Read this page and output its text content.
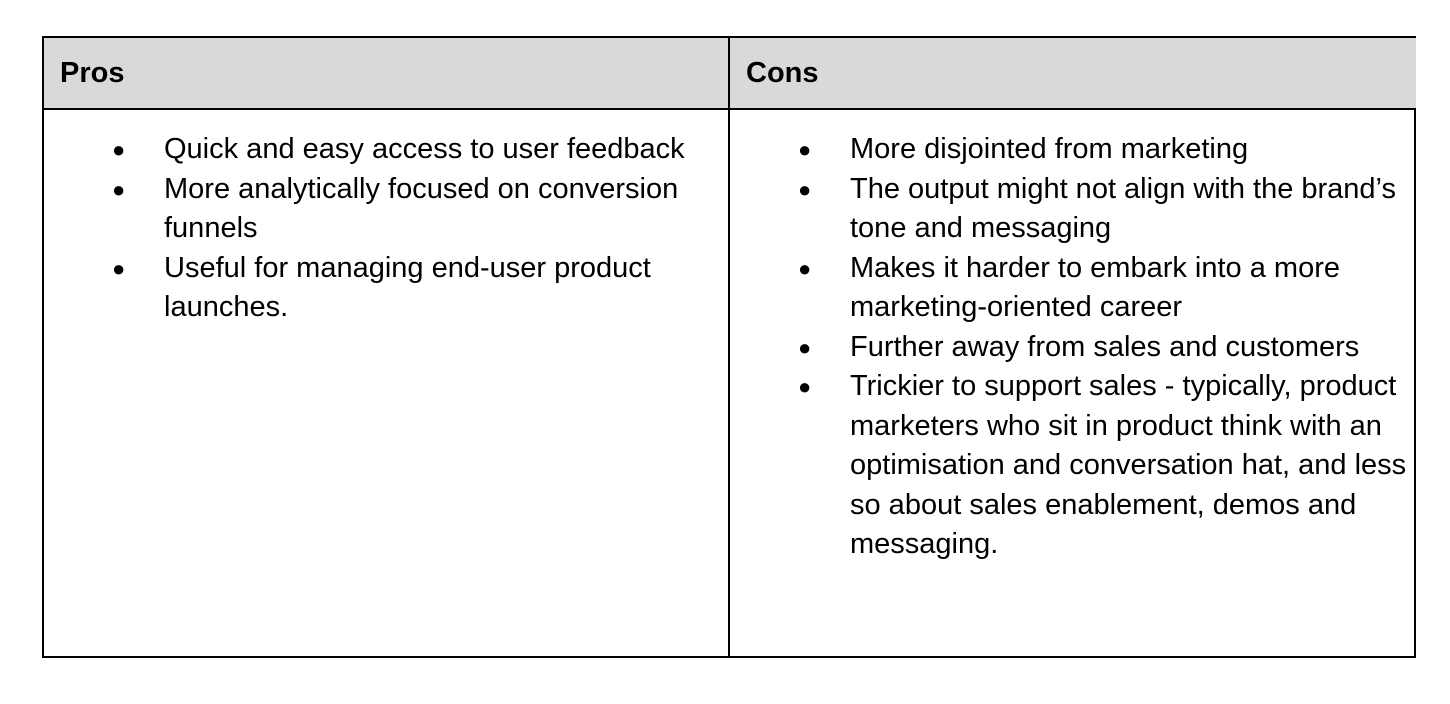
Pros	Cons
● Quick and easy access to user feedback
● More analytically focused on conversion funnels
● Useful for managing end-user product launches.
● More disjointed from marketing
● The output might not align with the brand’s tone and messaging
● Makes it harder to embark into a more marketing-oriented career
● Further away from sales and customers
● Trickier to support sales - typically, product marketers who sit in product think with an optimisation and conversation hat, and less so about sales enablement, demos and messaging.
